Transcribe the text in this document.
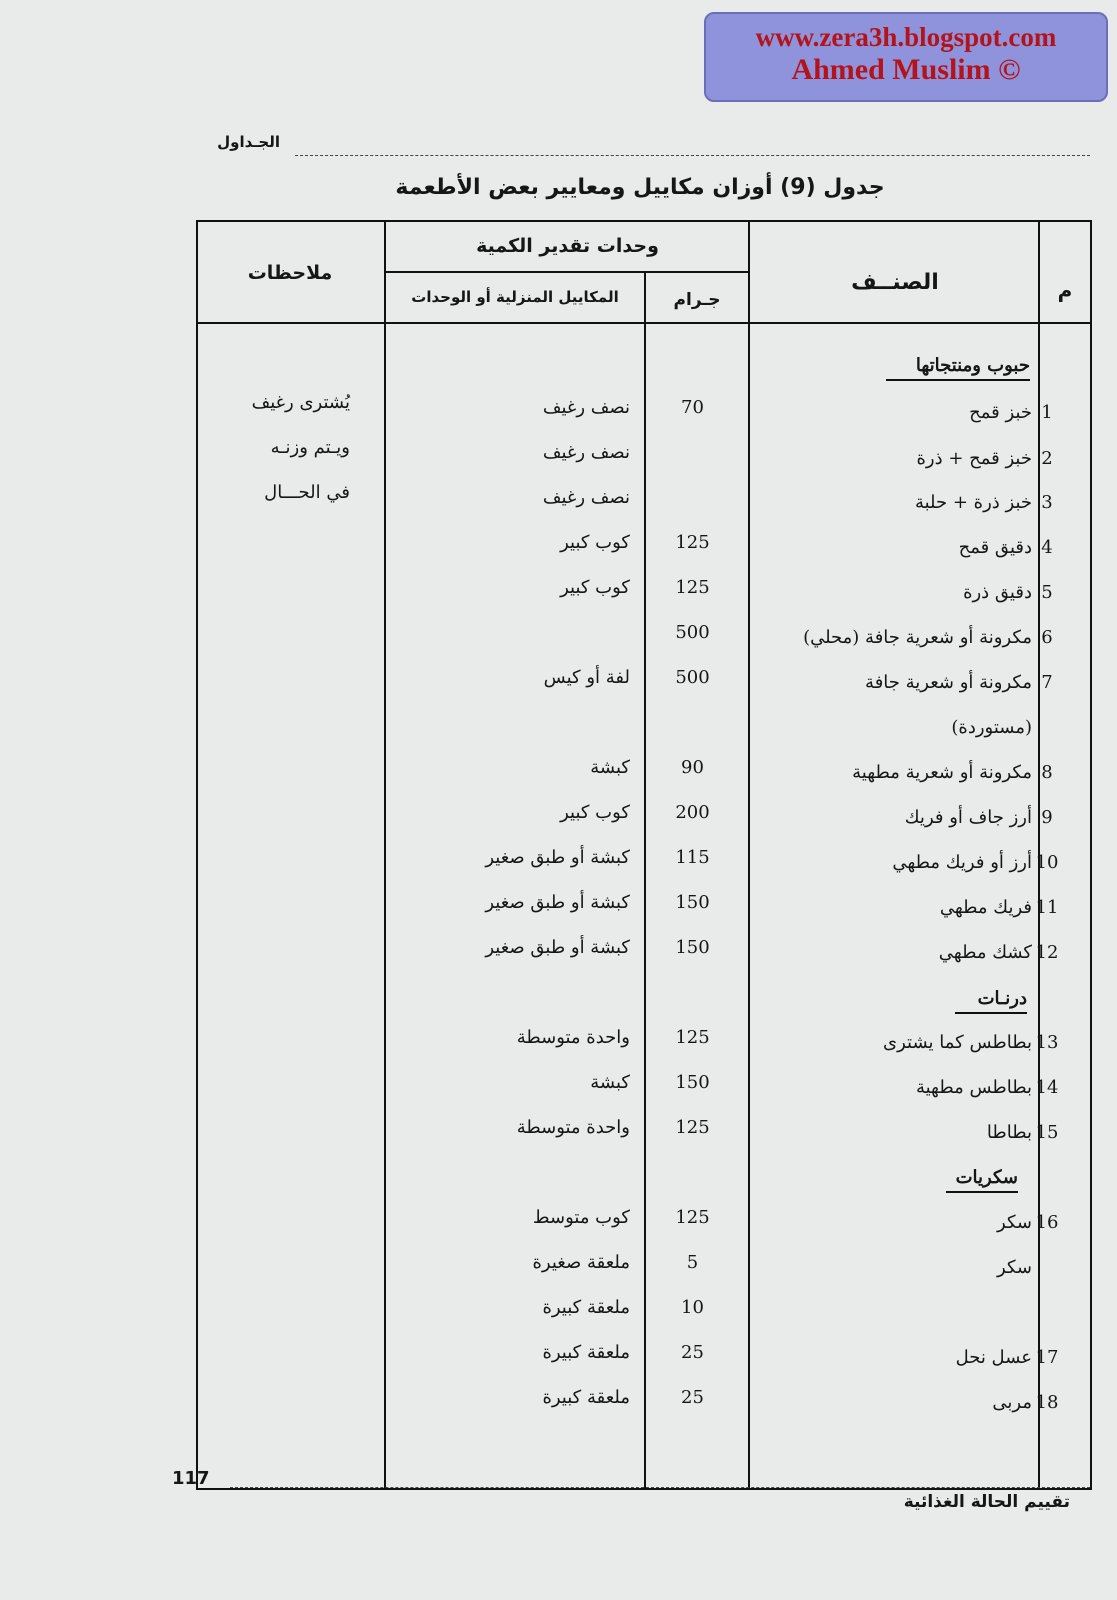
www.zera3h.blogspot.com
Ahmed Muslim ©
الجـداول
جدول (9) أوزان مكاييل ومعايير بعض الأطعمة
م
الصنــف
وحدات تقدير الكمية
جـرام
المكاييل المنزلية أو الوحدات
ملاحظات
حبوب ومنتجاتها
درنـات
سكريات
1
خبز قمح
70
نصف رغيف
2
خبز قمح + ذرة
نصف رغيف
3
خبز ذرة + حلبة
نصف رغيف
4
دقيق قمح
125
كوب كبير
5
دقيق ذرة
125
كوب كبير
6
مكرونة أو شعرية جافة (محلي)
500
7
مكرونة أو شعرية جافة
500
لفة أو كيس
(مستوردة)
8
مكرونة أو شعرية مطهية
90
كبشة
9
أرز جاف أو فريك
200
كوب كبير
10
أرز أو فريك مطهي
115
كبشة أو طبق صغير
11
فريك مطهي
150
كبشة أو طبق صغير
12
كشك مطهي
150
كبشة أو طبق صغير
13
بطاطس كما يشترى
125
واحدة متوسطة
14
بطاطس مطهية
150
كبشة
15
بطاطا
125
واحدة متوسطة
16
سكر
125
كوب متوسط
سكر
5
ملعقة صغيرة
10
ملعقة كبيرة
17
عسل نحل
25
ملعقة كبيرة
18
مربى
25
ملعقة كبيرة
يُشترى رغيف
ويـتم وزنـه
في الحـــال
117
تقييم الحالة الغذائية
